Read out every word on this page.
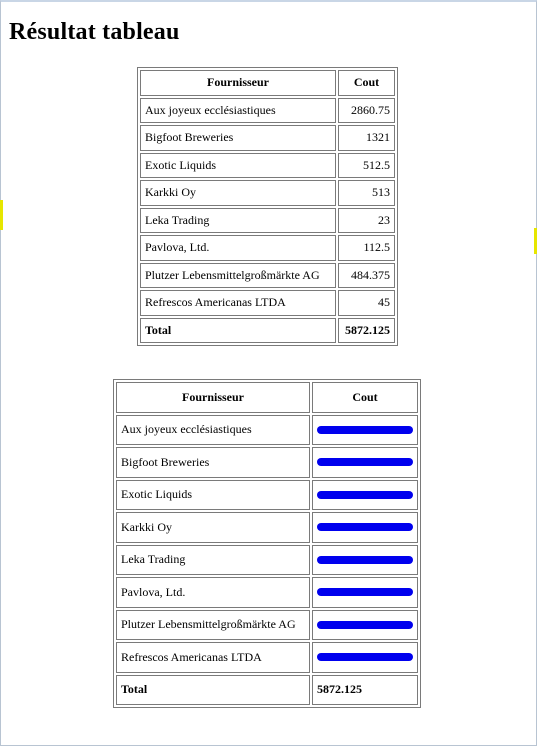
Résultat tableau
Fournisseur	Cout
Aux joyeux ecclésiastiques	2860.75
Bigfoot Breweries	1321
Exotic Liquids	512.5
Karkki Oy	513
Leka Trading	23
Pavlova, Ltd.	112.5
Plutzer Lebensmittelgroßmärkte AG	484.375
Refrescos Americanas LTDA	45
Total	5872.125
Fournisseur	Cout
Aux joyeux ecclésiastiques	

Bigfoot Breweries	

Exotic Liquids	

Karkki Oy	

Leka Trading	

Pavlova, Ltd.	

Plutzer Lebensmittelgroßmärkte AG	

Refrescos Americanas LTDA	

Total	5872.125
